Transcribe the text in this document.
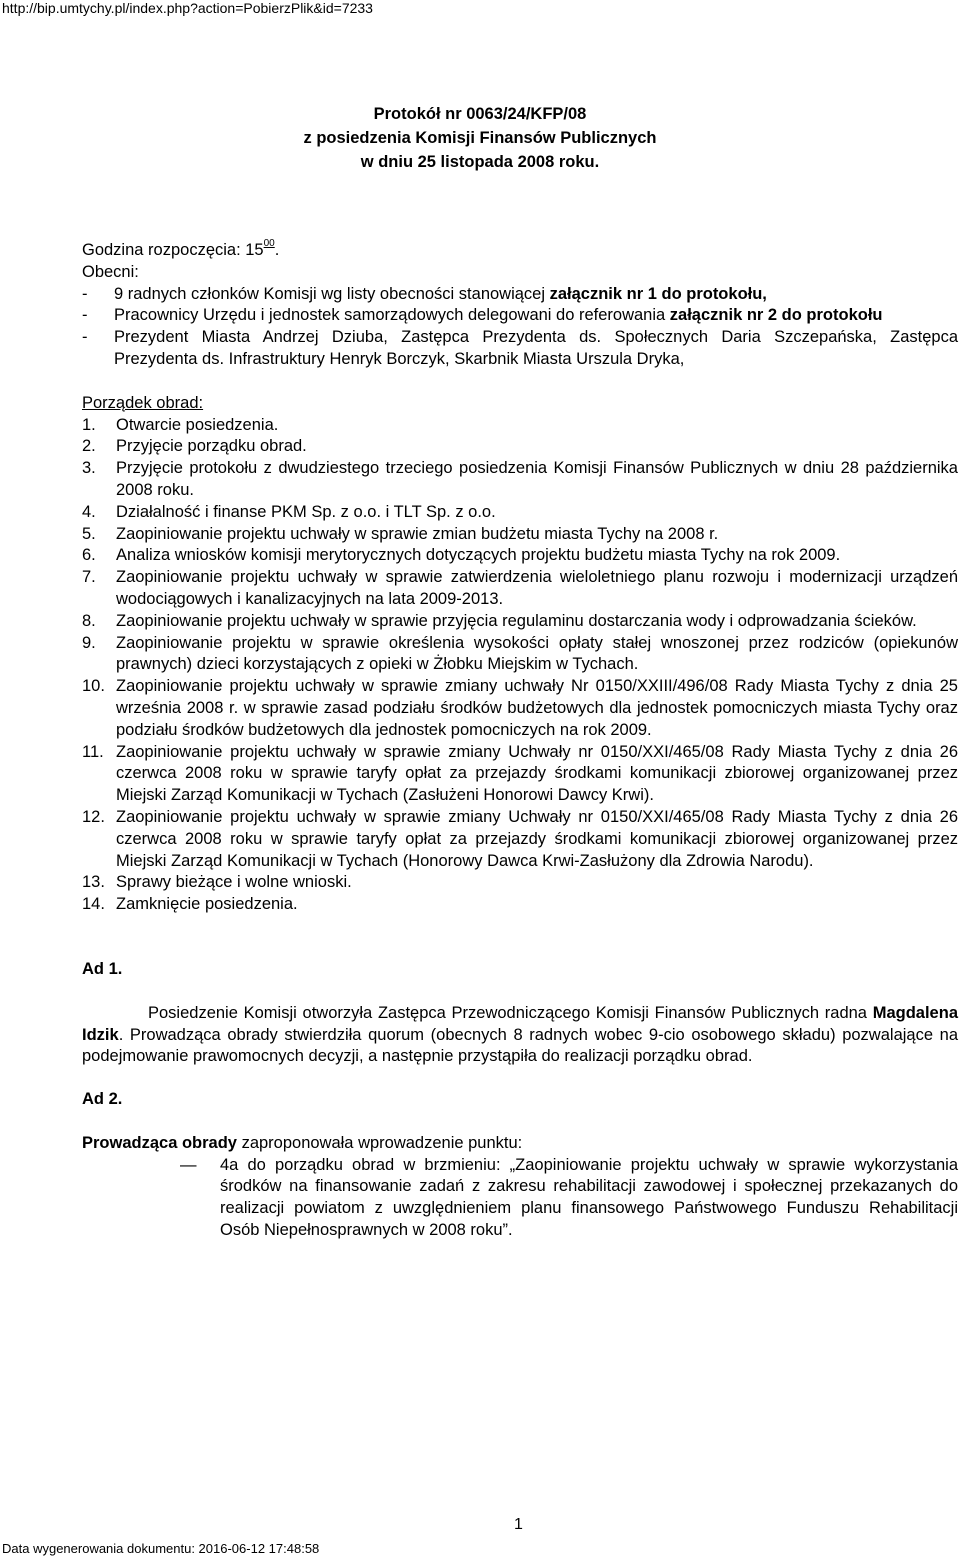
http://bip.umtychy.pl/index.php?action=PobierzPlik&id=7233
Protokół nr 0063/24/KFP/08
z posiedzenia Komisji Finansów Publicznych
w dniu 25 listopada 2008 roku.

Godzina rozpoczęcia: $15^{00}$.

Obecni:

-	9 radnych członków Komisji wg listy obecności stanowiącej załącznik nr 1 do protokołu,
-	Pracownicy Urzędu i jednostek samorządowych delegowani do referowania załącznik nr 2 do protokołu
-	Prezydent Miasta Andrzej Dziuba, Zastępca Prezydenta ds. Społecznych Daria Szczepańska, Zastępca Prezydenta ds. Infrastruktury Henryk Borczyk, Skarbnik Miasta Urszula Dryka,

Porządek obrad:

1.	Otwarcie posiedzenia.
2.	Przyjęcie porządku obrad.
3.	Przyjęcie protokołu z dwudziestego trzeciego posiedzenia Komisji Finansów Publicznych w dniu 28 października 2008 roku.
4.	Działalność i finanse PKM Sp. z o.o. i TLT Sp. z o.o.
5.	Zaopiniowanie projektu uchwały w sprawie zmian budżetu miasta Tychy na 2008 r.
6.	Analiza wniosków komisji merytorycznych dotyczących projektu budżetu miasta Tychy na rok 2009.
7.	Zaopiniowanie projektu uchwały w sprawie zatwierdzenia wieloletniego planu rozwoju i modernizacji urządzeń wodociągowych i kanalizacyjnych na lata 2009-2013.
8.	Zaopiniowanie projektu uchwały w sprawie przyjęcia regulaminu dostarczania wody i odprowadzania ścieków.
9.	Zaopiniowanie projektu w sprawie określenia wysokości opłaty stałej wnoszonej przez rodziców (opiekunów prawnych) dzieci korzystających z opieki w Żłobku Miejskim w Tychach.
10. Zaopiniowanie projektu uchwały w sprawie zmiany uchwały Nr 0150/XXIII/496/08 Rady Miasta Tychy z dnia 25 września 2008 r. w sprawie zasad podziału środków budżetowych dla jednostek pomocniczych miasta Tychy oraz podziału środków budżetowych dla jednostek pomocniczych na rok 2009.
11. Zaopiniowanie projektu uchwały w sprawie zmiany Uchwały nr 0150/XXI/465/08 Rady Miasta Tychy z dnia 26 czerwca 2008 roku w sprawie taryfy opłat za przejazdy środkami komunikacji zbiorowej organizowanej przez Miejski Zarząd Komunikacji w Tychach (Zasłużeni Honorowi Dawcy Krwi).
12. Zaopiniowanie projektu uchwały w sprawie zmiany Uchwały nr 0150/XXI/465/08 Rady Miasta Tychy z dnia 26 czerwca 2008 roku w sprawie taryfy opłat za przejazdy środkami komunikacji zbiorowej organizowanej przez Miejski Zarząd Komunikacji w Tychach (Honorowy Dawca Krwi-Zasłużony dla Zdrowia Narodu).
13. Sprawy bieżące i wolne wnioski.
14. Zamknięcie posiedzenia.

Ad 1.

Posiedzenie Komisji otworzyła Zastępca Przewodniczącego Komisji Finansów Publicznych radna Magdalena Idzik. Prowadząca obrady stwierdziła quorum (obecnych 8 radnych wobec 9-cio osobowego składu) pozwalające na podejmowanie prawomocnych decyzji, a następnie przystąpiła do realizacji porządku obrad.

Ad 2.

Prowadząca obrady zaproponowała wprowadzenie punktu:

—	4a do porządku obrad w brzmieniu: „Zaopiniowanie projektu uchwały w sprawie wykorzystania środków na finansowanie zadań z zakresu rehabilitacji zawodowej i społecznej przekazanych do realizacji powiatom z uwzględnieniem planu finansowego Państwowego Funduszu Rehabilitacji Osób Niepełnosprawnych w 2008 roku”.
1
Data wygenerowania dokumentu: 2016-06-12 17:48:58
